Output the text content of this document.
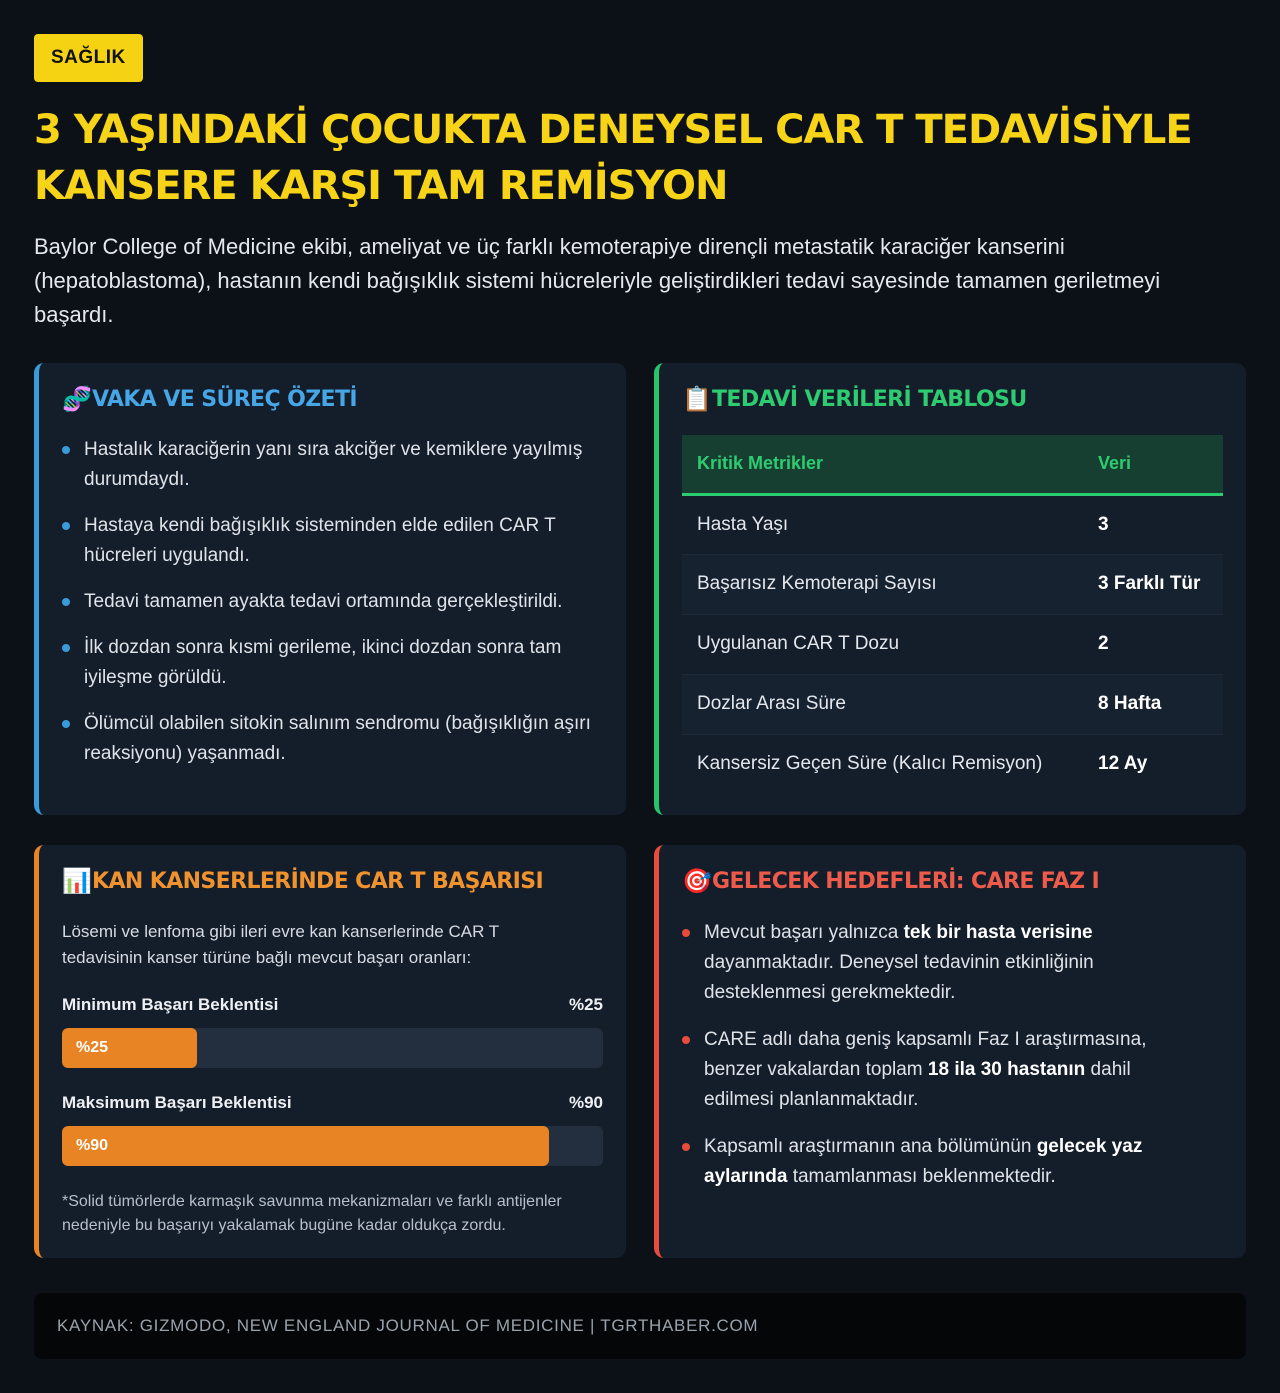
SAĞLIK
3 YAŞINDAKİ ÇOCUKTA DENEYSEL CAR T TEDAVİSİYLE
KANSERE KARŞI TAM REMİSYON

Baylor College of Medicine ekibi, ameliyat ve üç farklı kemoterapiye dirençli metastatik karaciğer kanserini (hepatoblastoma), hastanın kendi bağışıklık sistemi hücreleriyle geliştirdikleri tedavi sayesinde tamamen geriletmeyi başardı.

🧬 VAKA VE SÜREÇ ÖZETİ
Hastalık karaciğerin yanı sıra akciğer ve kemiklere yayılmış durumdaydı.
Hastaya kendi bağışıklık sisteminden elde edilen CAR T hücreleri uygulandı.
Tedavi tamamen ayakta tedavi ortamında gerçekleştirildi.
İlk dozdan sonra kısmi gerileme, ikinci dozdan sonra tam iyileşme görüldü.
Ölümcül olabilen sitokin salınım sendromu (bağışıklığın aşırı reaksiyonu) yaşanmadı.
📋 TEDAVİ VERİLERİ TABLOSU
Kritik Metrikler	Veri
Hasta Yaşı	3
Başarısız Kemoterapi Sayısı	3 Farklı Tür
Uygulanan CAR T Dozu	2
Dozlar Arası Süre	8 Hafta
Kansersiz Geçen Süre (Kalıcı Remisyon)	12 Ay
📊 KAN KANSERLERİNDE CAR T BAŞARISI

Lösemi ve lenfoma gibi ileri evre kan kanserlerinde CAR T tedavisinin kanser türüne bağlı mevcut başarı oranları:

Minimum Başarı Beklentisi	%25
%25
Maksimum Başarı Beklentisi	%90
%90

*Solid tümörlerde karmaşık savunma mekanizmaları ve farklı antijenler nedeniyle bu başarıyı yakalamak bugüne kadar oldukça zordu.

🎯 GELECEK HEDEFLERİ: CARE FAZ I
Mevcut başarı yalnızca tek bir hasta verisine dayanmaktadır. Deneysel tedavinin etkinliğinin desteklenmesi gerekmektedir.
CARE adlı daha geniş kapsamlı Faz I araştırmasına, benzer vakalardan toplam 18 ila 30 hastanın dahil edilmesi planlanmaktadır.
Kapsamlı araştırmanın ana bölümünün gelecek yaz aylarında tamamlanması beklenmektedir.
KAYNAK: GIZMODO, NEW ENGLAND JOURNAL OF MEDICINE | TGRTHABER.COM
